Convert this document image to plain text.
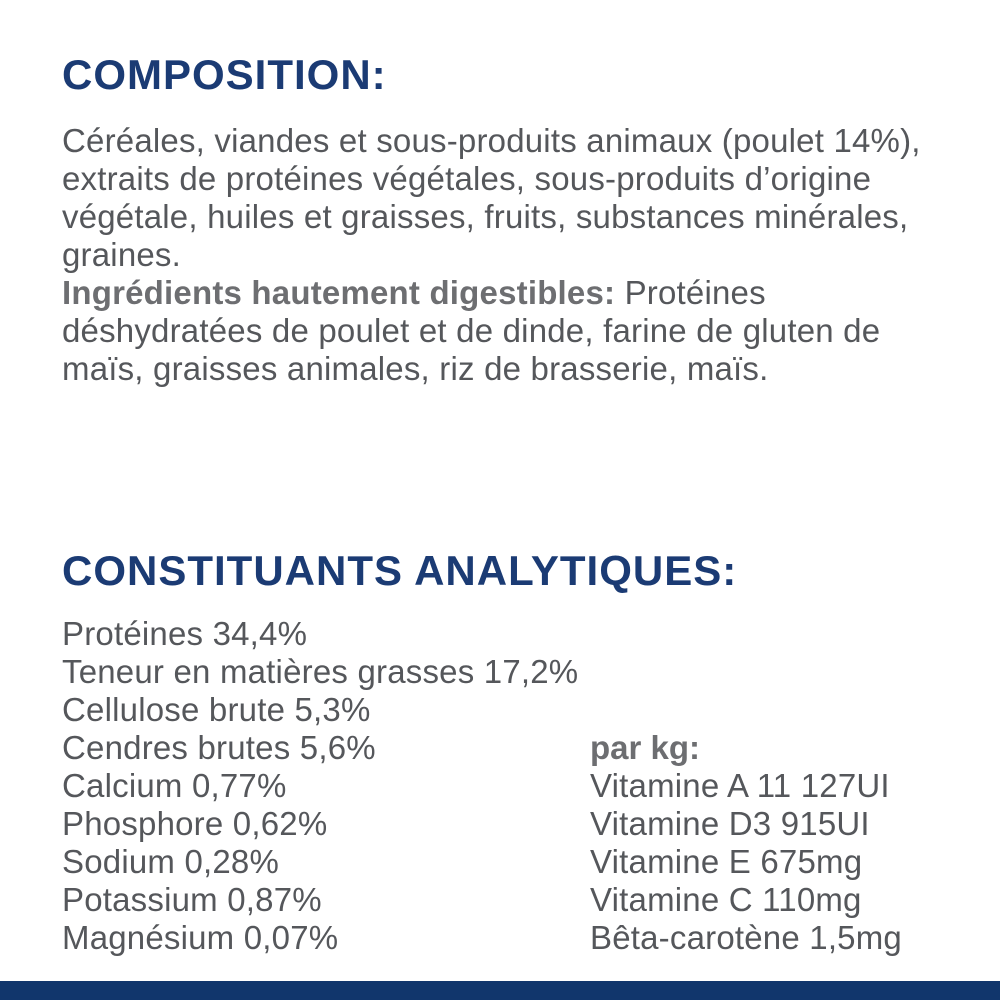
COMPOSITION:
Céréales, viandes et sous-produits animaux (poulet 14%), extraits de protéines végétales, sous-produits d’origine végétale, huiles et graisses, fruits, substances minérales, graines.
Ingrédients hautement digestibles: Protéines déshydratées de poulet et de dinde, farine de gluten de maïs, graisses animales, riz de brasserie, maïs.
CONSTITUANTS ANALYTIQUES:
Protéines 34,4%
Teneur en matières grasses 17,2%
Cellulose brute 5,3%
Cendres brutes 5,6%
Calcium 0,77%
Phosphore 0,62%
Sodium 0,28%
Potassium 0,87%
Magnésium 0,07%

par kg:

Vitamine A 11 127UI
Vitamine D3 915UI
Vitamine E 675mg
Vitamine C 110mg
Bêta-carotène 1,5mg
